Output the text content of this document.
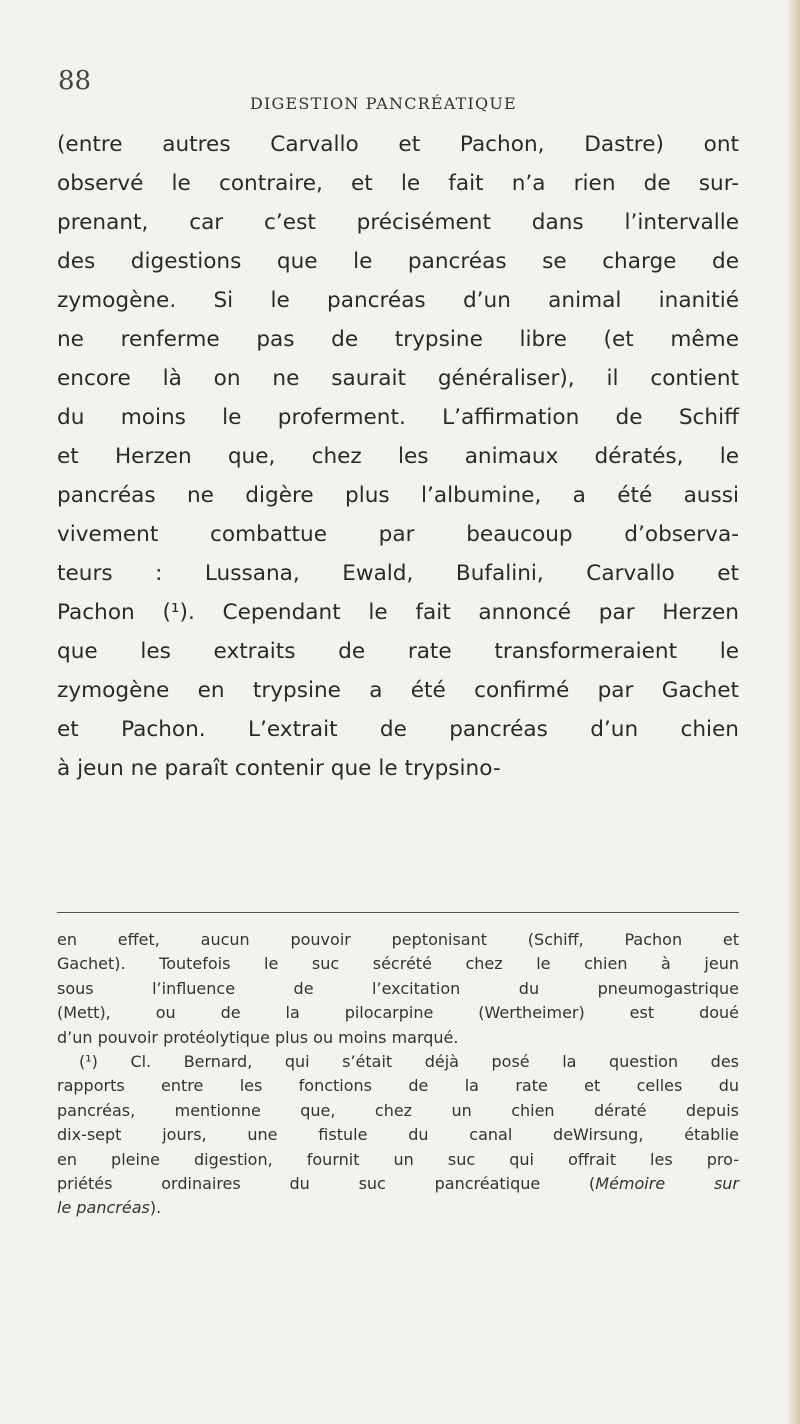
88
DIGESTION PANCRÉATIQUE
(entre autres Carvallo et Pachon, Dastre) ont
observé le contraire, et le fait n’a rien de sur-
prenant, car c’est précisément dans l’intervalle
des digestions que le pancréas se charge de
zymogène. Si le pancréas d’un animal inanitié
ne renferme pas de trypsine libre (et même
encore là on ne saurait généraliser), il contient
du moins le proferment. L’affirmation de Schiff
et Herzen que, chez les animaux dératés, le
pancréas ne digère plus l’albumine, a été aussi
vivement combattue par beaucoup d’observa-
teurs : Lussana, Ewald, Bufalini, Carvallo et
Pachon (¹). Cependant le fait annoncé par Herzen
que les extraits de rate transformeraient le
zymogène en trypsine a été confirmé par Gachet
et Pachon. L’extrait de pancréas d’un chien
à jeun ne paraît contenir que le trypsino-
en effet, aucun pouvoir peptonisant (Schiff, Pachon et
Gachet). Toutefois le suc sécrété chez le chien à jeun
sous l’influence de l’excitation du pneumogastrique
(Mett), ou de la pilocarpine (Wertheimer) est doué
d’un pouvoir protéolytique plus ou moins marqué.
(¹) Cl. Bernard, qui s’était déjà posé la question des
rapports entre les fonctions de la rate et celles du
pancréas, mentionne que, chez un chien dératé depuis
dix-sept jours, une fistule du canal deWirsung, établie
en pleine digestion, fournit un suc qui offrait les pro-
priétés ordinaires du suc pancréatique (Mémoire sur
le pancréas).
